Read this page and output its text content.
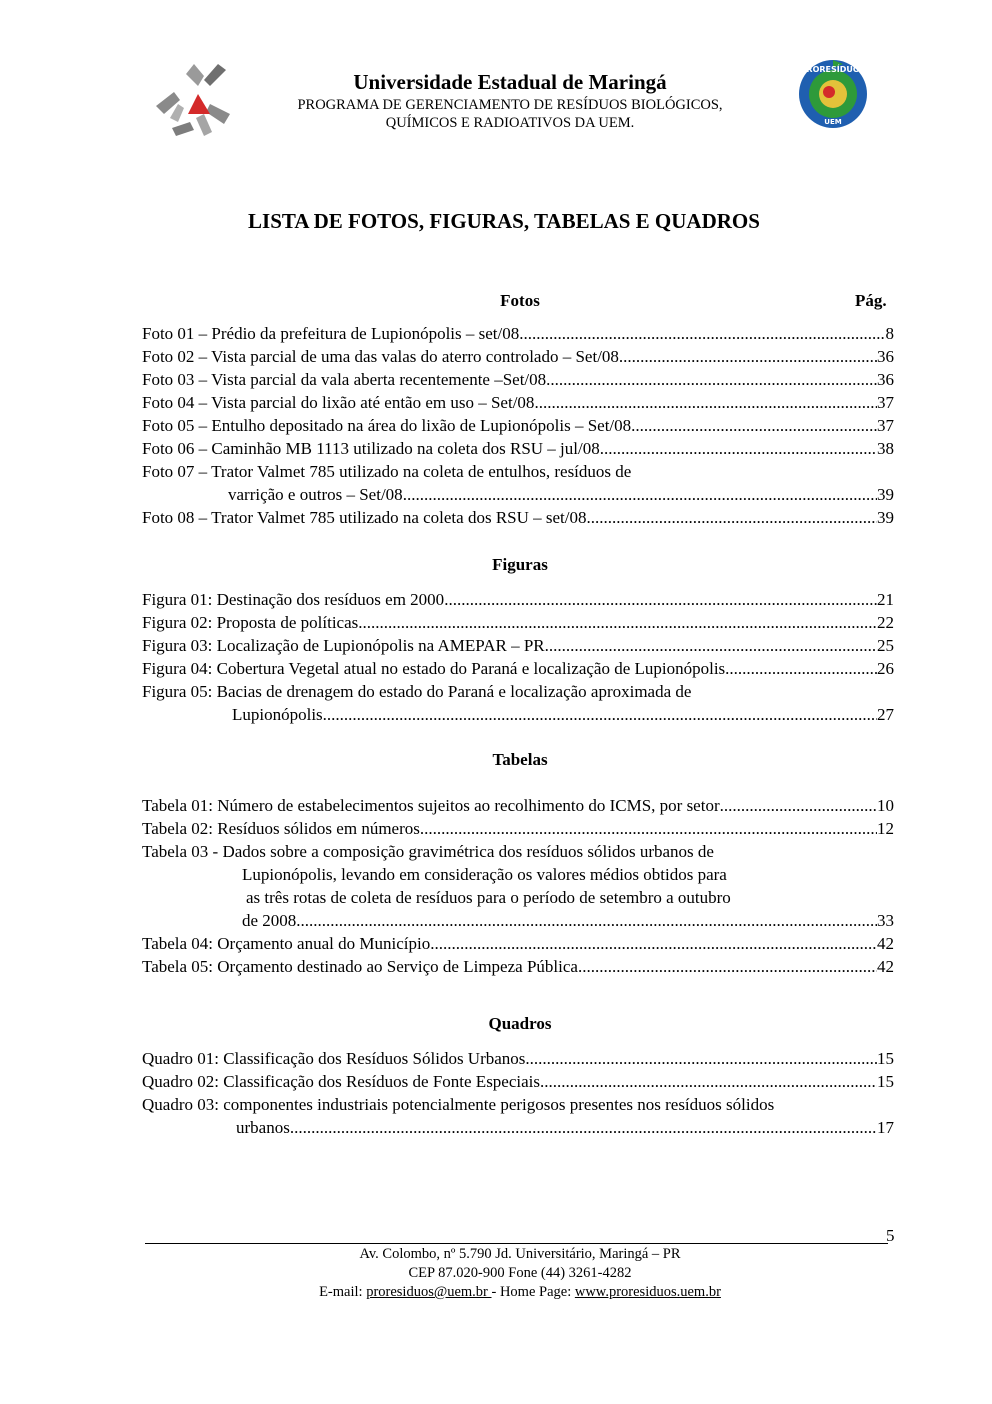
Universidade Estadual de Maringá
PROGRAMA DE GERENCIAMENTO DE RESÍDUOS BIOLÓGICOS,
QUÍMICOS E RADIOATIVOS DA UEM.
PRORESÍDUOS
UEM
LISTA DE FOTOS, FIGURAS, TABELAS E QUADROS
Fotos	Pág.
Foto 01 – Prédio da prefeitura de Lupionópolis – set/08 .....	8
Foto 02 – Vista parcial de uma das valas do aterro controlado – Set/08 .....	36
Foto 03 – Vista parcial da vala aberta recentemente –Set/08 .....	36
Foto 04 – Vista parcial do lixão até então em uso – Set/08 .....	37
Foto 05 – Entulho depositado na área do lixão de Lupionópolis – Set/08 .....	37
Foto 06 – Caminhão MB 1113 utilizado na coleta dos RSU – jul/08 .....	38
Foto 07 – Trator Valmet 785 utilizado na coleta de entulhos, resíduos de
varrição e outros – Set/08 .....	39
Foto 08 – Trator Valmet 785 utilizado na coleta dos RSU – set/08 .....	39
Figuras
Figura 01: Destinação dos resíduos em 2000 .....	21
Figura 02: Proposta de políticas .....	22
Figura 03: Localização de Lupionópolis na AMEPAR – PR .....	25
Figura 04: Cobertura Vegetal atual no estado do Paraná e localização de Lupionópolis .....	26
Figura 05: Bacias de drenagem do estado do Paraná e localização aproximada de
Lupionópolis .....	27
Tabelas
Tabela 01: Número de estabelecimentos sujeitos ao recolhimento do ICMS, por setor .....	10
Tabela 02: Resíduos sólidos em números .....	12
Tabela 03 - Dados sobre a composição gravimétrica dos resíduos sólidos urbanos de
Lupionópolis, levando em consideração os valores médios obtidos para
as três rotas de coleta de resíduos para o período de setembro a outubro
de 2008 .....	33
Tabela 04: Orçamento anual do Município .....	42
Tabela 05: Orçamento destinado ao Serviço de Limpeza Pública .....	42
Quadros
Quadro 01: Classificação dos Resíduos Sólidos Urbanos .....	15
Quadro 02: Classificação dos Resíduos de Fonte Especiais .....	15
Quadro 03: componentes industriais potencialmente perigosos presentes nos resíduos sólidos
urbanos .....	17
5
Av. Colombo, nº 5.790 Jd. Universitário, Maringá – PR
CEP 87.020-900 Fone (44) 3261-4282
E-mail: proresiduos@uem.br - Home Page: www.proresiduos.uem.br
